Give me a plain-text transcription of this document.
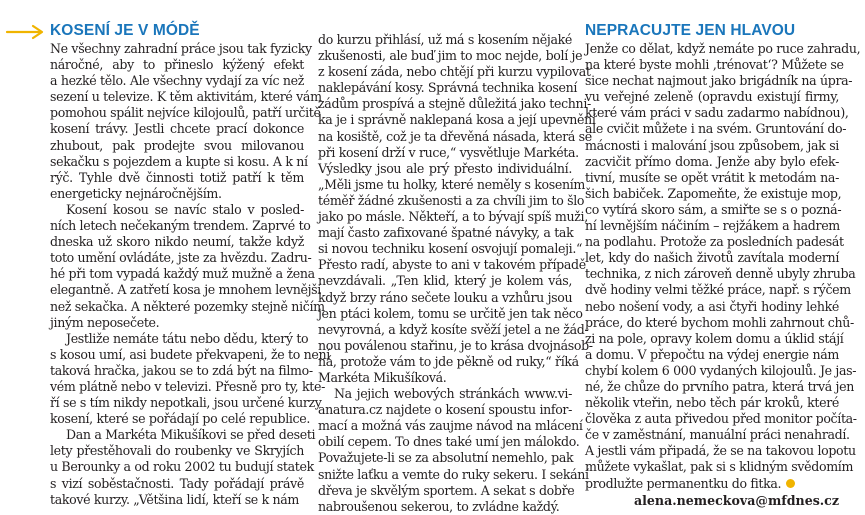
KOSENÍ JE V MÓDĚ
Ne všechny zahradní práce jsou tak fyzicky
náročné, aby to přineslo kýžený efekt
a hezké tělo. Ale všechny vydají za víc než
sezení u televize. K těm aktivitám, které vám
pomohou spálit nejvíce kilojoulů, patří určitě
kosení trávy. Jestli chcete prací dokonce
zhubout, pak prodejte svou milovanou
sekačku s pojezdem a kupte si kosu. A k ní
rýč. Tyhle dvě činnosti totiž patří k těm
energeticky nejnáročnějším.
Kosení kosou se navíc stalo v posled-
ních letech nečekaným trendem. Zaprvé to
dneska už skoro nikdo neumí, takže když
toto umění ovládáte, jste za hvězdu. Zadru-
hé při tom vypadá každý muž mužně a žena
elegantně. A zatřetí kosa je mnohem levnější
než sekačka. A některé pozemky stejně ničím
jiným neposečete.
Jestliže nemáte tátu nebo dědu, který to
s kosou umí, asi budete překvapeni, že to není
taková hračka, jakou se to zdá být na filmo-
vém plátně nebo v televizi. Přesně pro ty, kte-
ří se s tím nikdy nepotkali, jsou určené kurzy
kosení, které se pořádají po celé republice.
Dan a Markéta Mikušíkovi se před deseti
lety přestěhovali do roubenky ve Skryjích
u Berounky a od roku 2002 tu budují statek
s vizí soběstačnosti. Tady pořádají právě
takové kurzy. „Většina lidí, kteří se k nám
do kurzu přihlásí, už má s kosením nějaké
zkušenosti, ale buď jim to moc nejde, bolí je
z kosení záda, nebo chtějí při kurzu vypilovat
naklepávání kosy. Správná technika kosení
zádům prospívá a stejně důležitá jako techni-
ka je i správně naklepaná kosa a její upevnění
na kosiště, což je ta dřevěná násada, která se
při kosení drží v ruce,“ vysvětluje Markéta.
Výsledky jsou ale prý přesto individuální.
„Měli jsme tu holky, které neměly s kosením
téměř žádné zkušenosti a za chvíli jim to šlo
jako po másle. Někteří, a to bývají spíš muži,
mají často zafixované špatné návyky, a tak
si novou techniku kosení osvojují pomaleji.“
Přesto radí, abyste to ani v takovém případě
nevzdávali. „Ten klid, který je kolem vás,
když brzy ráno sečete louku a vzhůru jsou
jen ptáci kolem, tomu se určitě jen tak něco
nevyrovná, a když kosíte svěží jetel a ne žád-
nou poválenou stařinu, je to krása dvojnásob-
ná, protože vám to jde pěkně od ruky,“ říká
Markéta Mikušíková.
Na jejich webových stránkách www.vi-
anatura.cz najdete o kosení spoustu infor-
mací a možná vás zaujme návod na mlácení
obilí cepem. To dnes také umí jen málokdo.
Považujete-li se za absolutní nemehlo, pak
snižte laťku a vemte do ruky sekeru. I sekání
dřeva je skvělým sportem. A sekat s dobře
nabroušenou sekerou, to zvládne každý.
NEPRACUJTE JEN HLAVOU
Jenže co dělat, když nemáte po ruce zahradu,
na které byste mohli ‚trénovat‘? Můžete se
sice nechat najmout jako brigádník na úpra-
vu veřejné zeleně (opravdu existují firmy,
které vám práci v sadu zadarmo nabídnou),
ale cvičit můžete i na svém. Gruntování do-
mácnosti i malování jsou způsobem, jak si
zacvičit přímo doma. Jenže aby bylo efek-
tivní, musíte se opět vrátit k metodám na-
šich babiček. Zapomeňte, že existuje mop,
co vytírá skoro sám, a smiřte se s o pozná-
ní levnějším náčiním – rejžákem a hadrem
na podlahu. Protože za posledních padesát
let, kdy do našich životů zavítala moderní
technika, z nich zároveň denně ubyly zhruba
dvě hodiny velmi těžké práce, např. s rýčem
nebo nošení vody, a asi čtyři hodiny lehké
práce, do které bychom mohli zahrnout chů-
zi na pole, opravy kolem domu a úklid stájí
a domu. V přepočtu na výdej energie nám
chybí kolem 6 000 vydaných kilojoulů. Je jas-
né, že chůze do prvního patra, která trvá jen
několik vteřin, nebo těch pár kroků, které
člověka z auta přivedou před monitor počíta-
če v zaměstnání, manuální práci nenahradí.
A jestli vám připadá, že se na takovou lopotu
můžete vykašlat, pak si s klidným svědomím
prodlužte permanentku do fitka.
alena.nemeckova@mfdnes.cz
